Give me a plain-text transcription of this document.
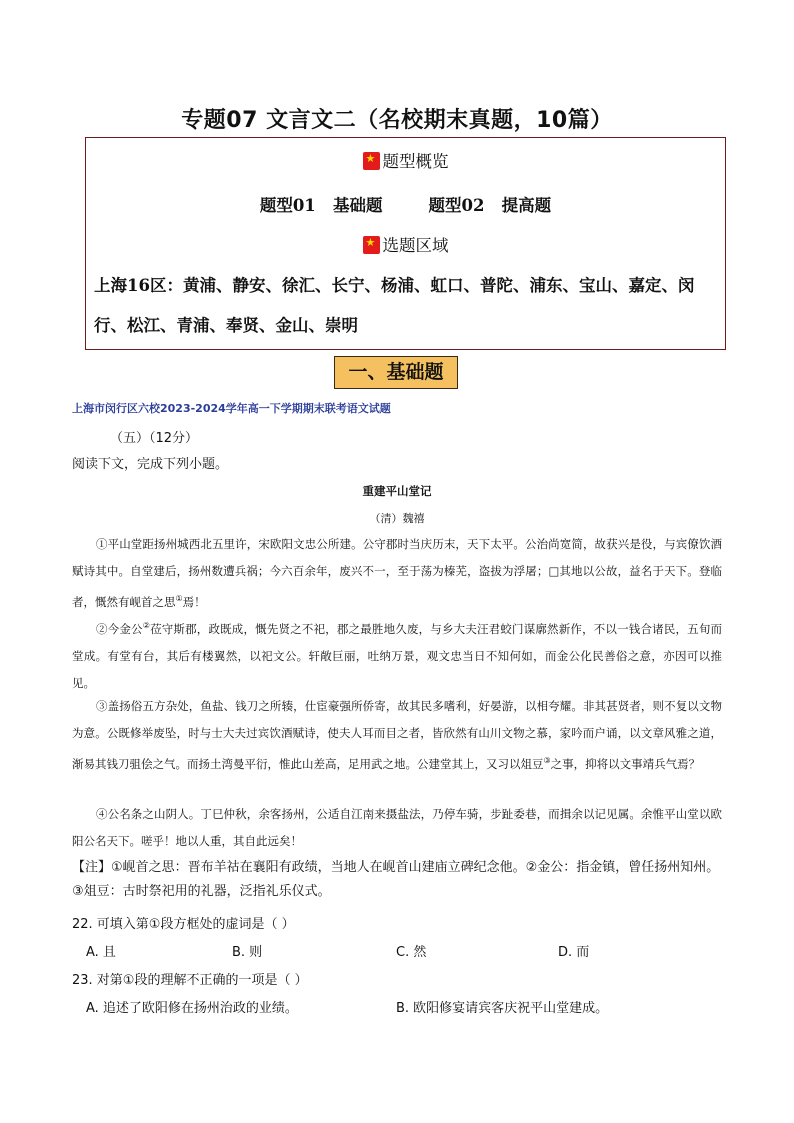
专题07 文言文二（名校期末真题，10篇）
★题型概览
题型01   基础题        题型02   提高题
★选题区域
上海16区：黄浦、静安、徐汇、长宁、杨浦、虹口、普陀、浦东、宝山、嘉定、闵行、松江、青浦、奉贤、金山、崇明
一、基础题
上海市闵行区六校2023-2024学年高一下学期期末联考语文试题
（五）（12分）
阅读下文，完成下列小题。
重建平山堂记
（清）魏禧
①平山堂距扬州城西北五里许，宋欧阳文忠公所建。公守郡时当庆历末，天下太平。公治尚宽简，故获兴是役，与宾僚饮酒赋诗其中。自堂建后，扬州数遭兵祸；今六百余年，废兴不一，至于荡为榛芜，盗拔为浮屠；□其地以公故，益名于天下。登临者，慨然有岘首之思①焉！
②今金公②莅守斯郡，政既成，慨先贤之不祀，郡之最胜地久废，与乡大夫汪君蛟门谋廓然新作，不以一钱合诸民，五旬而堂成。有堂有台，其后有楼翼然，以祀文公。轩敞巨丽，吐纳万景，观文忠当日不知何如，而金公化民善俗之意，亦因可以推见。
③盖扬俗五方杂处，鱼盐、钱刀之所辏，仕宦豪强所侨寄，故其民多嗜利，好晏游，以相夸耀。非其甚贤者，则不复以文物为意。公既修举废坠，时与士大夫过宾饮酒赋诗，使夫人耳而目之者，皆欣然有山川文物之慕，家吟而户诵，以文章风雅之道，渐易其钱刀驵侩之气。而扬土湾曼平衍，惟此山差高，足用武之地。公建堂其上，又习以俎豆③之事，抑将以文事靖兵气焉？
④公名条之山阴人。丁巳仲秋，余客扬州，公适自江南来摄盐法，乃停车骑，步趾委巷，而揖余以记见属。余惟平山堂以欧阳公名天下。嗟乎！地以人重，其自此远矣！
【注】①岘首之思：晋布羊祜在襄阳有政绩，当地人在岘首山建庙立碑纪念他。②金公：指金镇，曾任扬州知州。③俎豆：古时祭祀用的礼器，泛指礼乐仪式。
22. 可填入第①段方框处的虚词是（ ）
A. 且	B. 则	C. 然	D. 而
23. 对第①段的理解不正确的一项是（ ）
A. 追述了欧阳修在扬州治政的业绩。	B. 欧阳修宴请宾客庆祝平山堂建成。
